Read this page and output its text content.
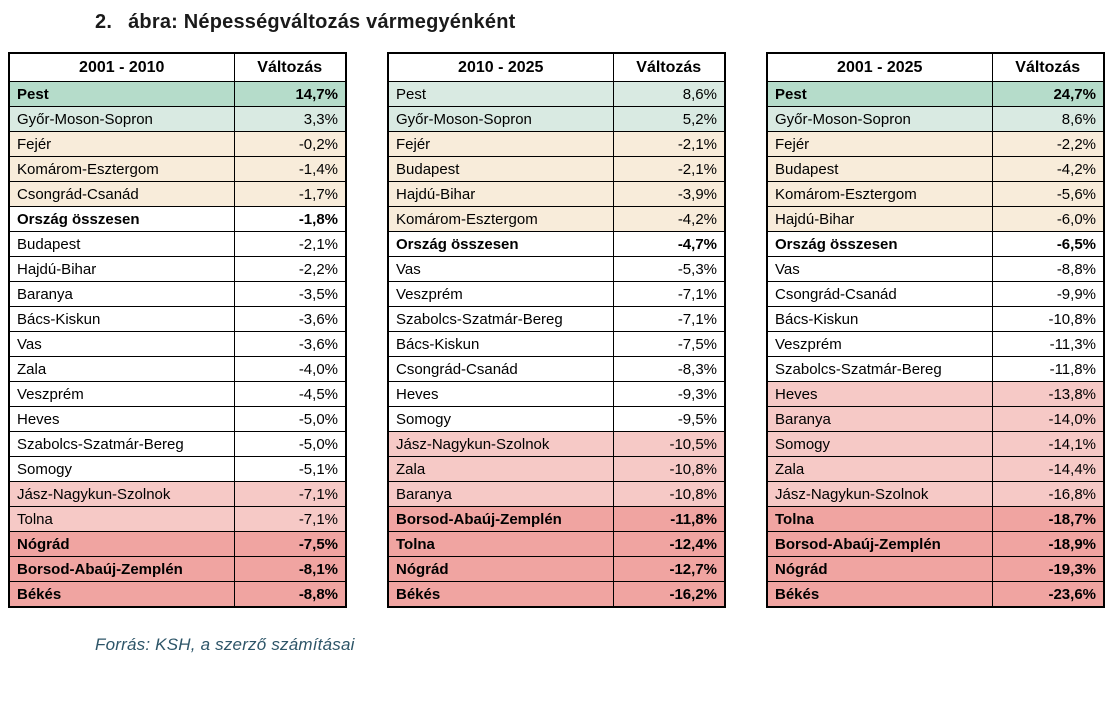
2. ábra: Népességváltozás vármegyénként
2001 - 2010	Változás
Pest	14,7%
Győr-Moson-Sopron	3,3%
Fejér	-0,2%
Komárom-Esztergom	-1,4%
Csongrád-Csanád	-1,7%
Ország összesen	-1,8%
Budapest	-2,1%
Hajdú-Bihar	-2,2%
Baranya	-3,5%
Bács-Kiskun	-3,6%
Vas	-3,6%
Zala	-4,0%
Veszprém	-4,5%
Heves	-5,0%
Szabolcs-Szatmár-Bereg	-5,0%
Somogy	-5,1%
Jász-Nagykun-Szolnok	-7,1%
Tolna	-7,1%
Nógrád	-7,5%
Borsod-Abaúj-Zemplén	-8,1%
Békés	-8,8%
2010 - 2025	Változás
Pest	8,6%
Győr-Moson-Sopron	5,2%
Fejér	-2,1%
Budapest	-2,1%
Hajdú-Bihar	-3,9%
Komárom-Esztergom	-4,2%
Ország összesen	-4,7%
Vas	-5,3%
Veszprém	-7,1%
Szabolcs-Szatmár-Bereg	-7,1%
Bács-Kiskun	-7,5%
Csongrád-Csanád	-8,3%
Heves	-9,3%
Somogy	-9,5%
Jász-Nagykun-Szolnok	-10,5%
Zala	-10,8%
Baranya	-10,8%
Borsod-Abaúj-Zemplén	-11,8%
Tolna	-12,4%
Nógrád	-12,7%
Békés	-16,2%
2001 - 2025	Változás
Pest	24,7%
Győr-Moson-Sopron	8,6%
Fejér	-2,2%
Budapest	-4,2%
Komárom-Esztergom	-5,6%
Hajdú-Bihar	-6,0%
Ország összesen	-6,5%
Vas	-8,8%
Csongrád-Csanád	-9,9%
Bács-Kiskun	-10,8%
Veszprém	-11,3%
Szabolcs-Szatmár-Bereg	-11,8%
Heves	-13,8%
Baranya	-14,0%
Somogy	-14,1%
Zala	-14,4%
Jász-Nagykun-Szolnok	-16,8%
Tolna	-18,7%
Borsod-Abaúj-Zemplén	-18,9%
Nógrád	-19,3%
Békés	-23,6%

Forrás: KSH, a szerző számításai
